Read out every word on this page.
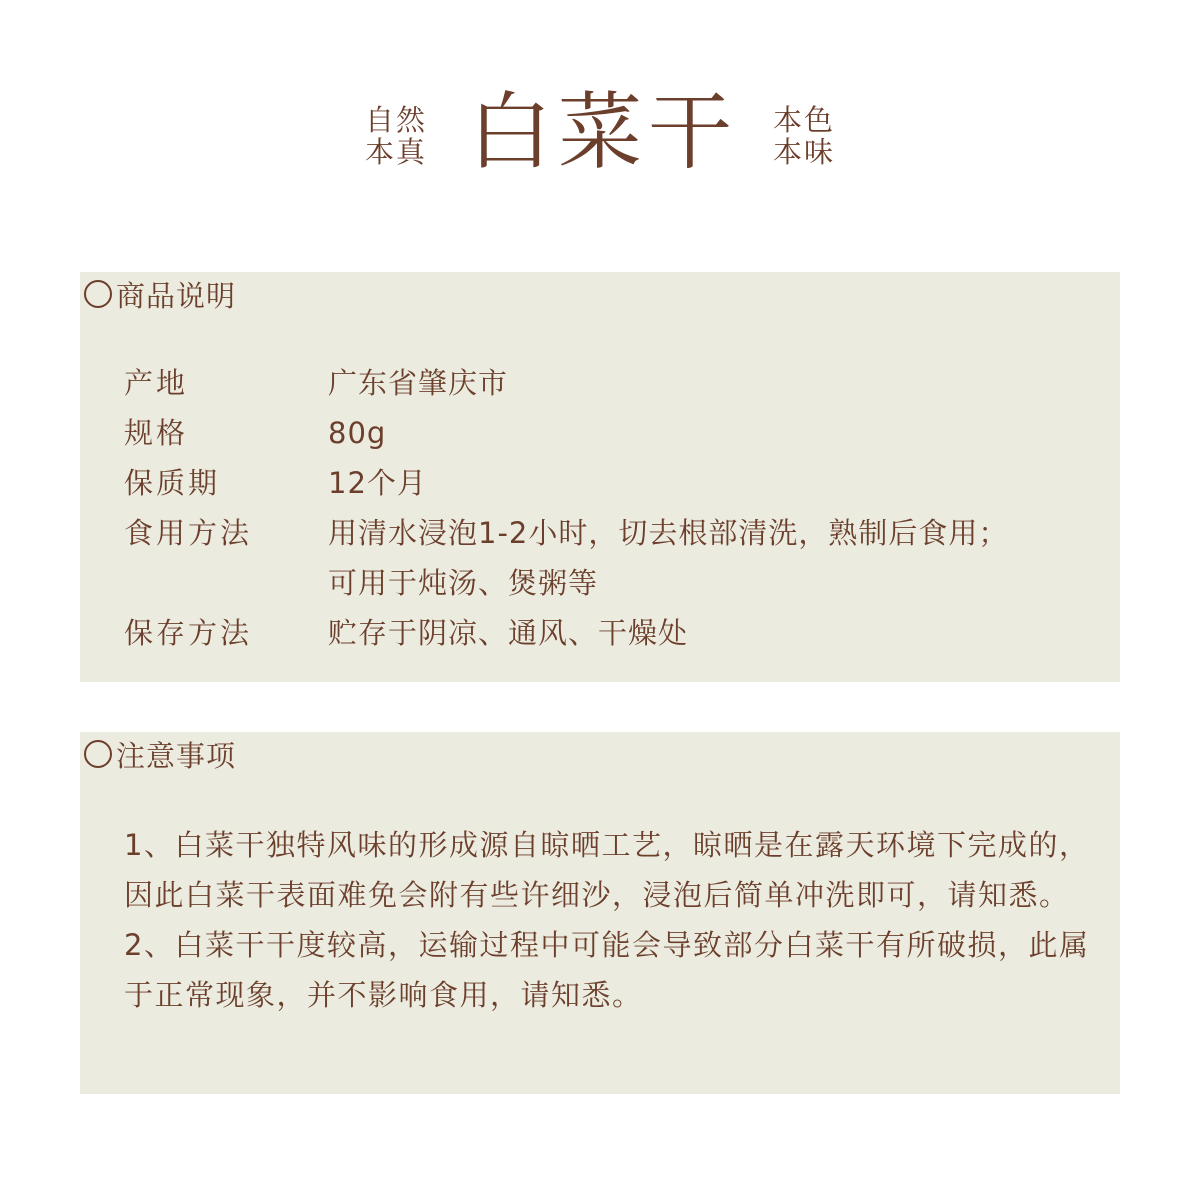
自然
本真 白菜干 本色
本味
商品说明
产地	广东省肇庆市
规格	80g
保质期	12个月
食用方法	用清水浸泡1-2小时，切去根部清洗，熟制后食用；
可用于炖汤、煲粥等
保存方法	贮存于阴凉、通风、干燥处
注意事项

1、白菜干独特风味的形成源自晾晒工艺，晾晒是在露天环境下完成的，因此白菜干表面难免会附有些许细沙，浸泡后简单冲洗即可，请知悉。

2、白菜干干度较高，运输过程中可能会导致部分白菜干有所破损，此属于正常现象，并不影响食用，请知悉。
